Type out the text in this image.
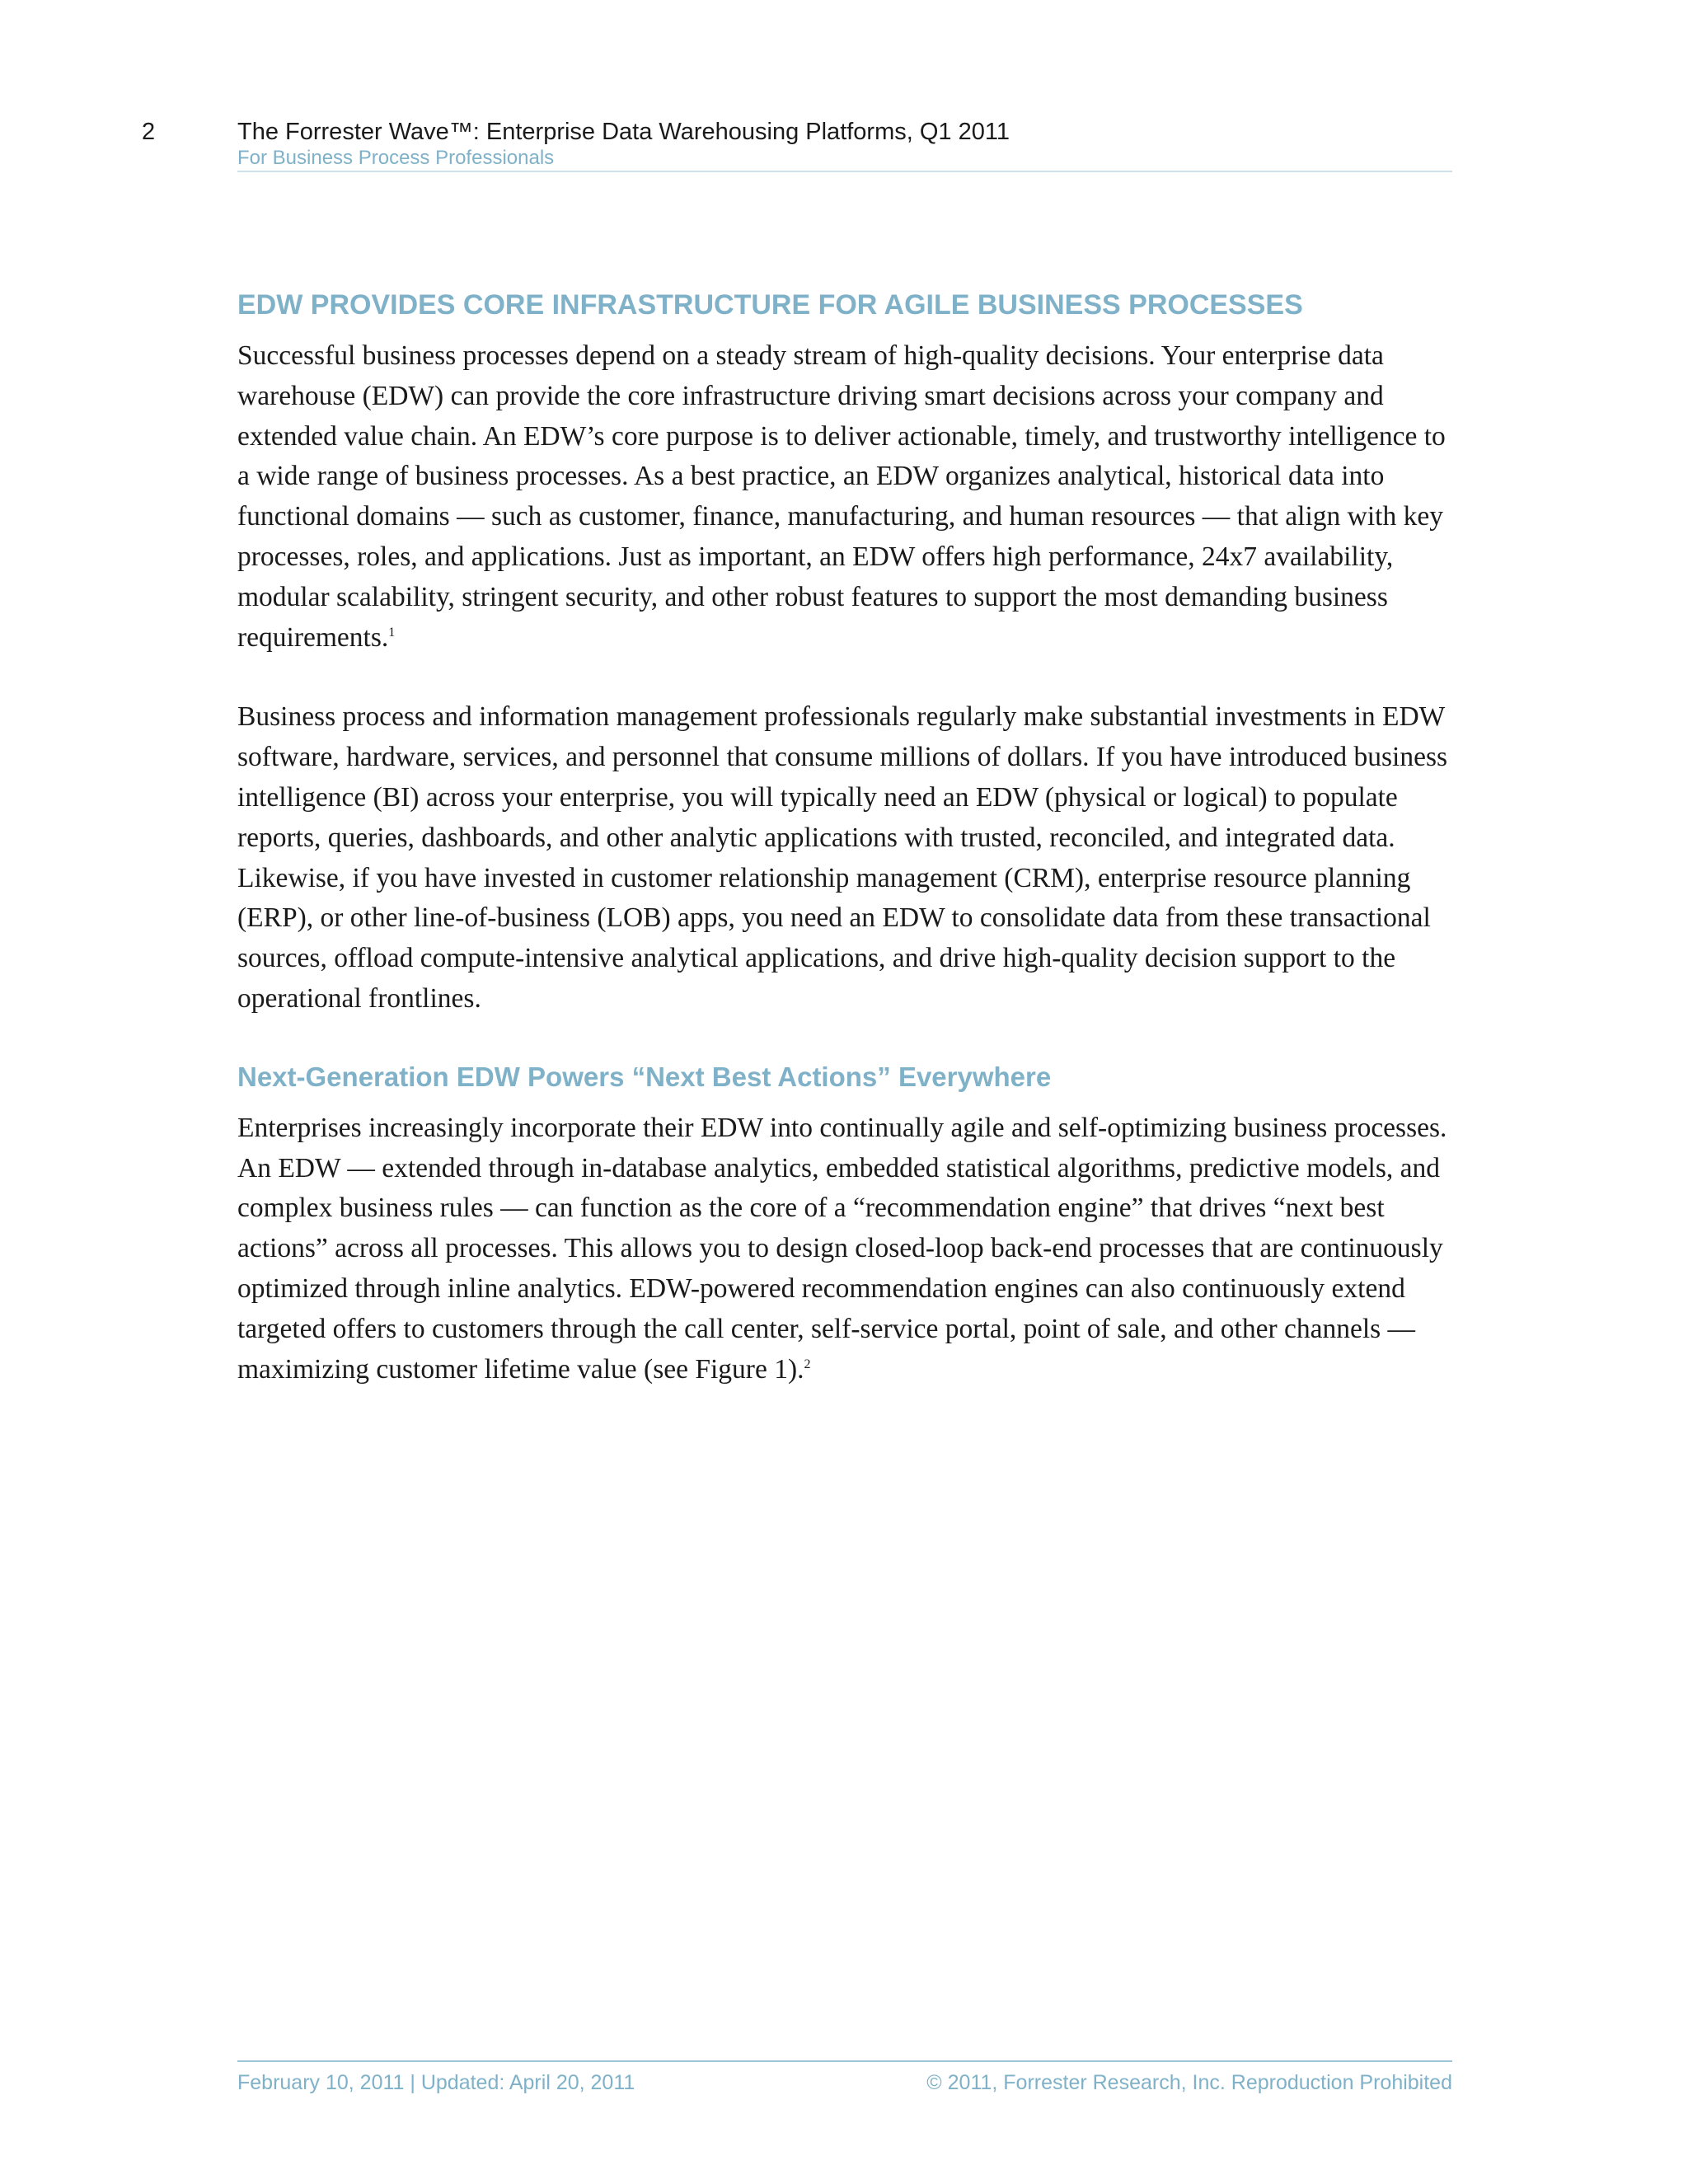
2	The Forrester Wave™: Enterprise Data Warehousing Platforms, Q1 2011
For Business Process Professionals
EDW PROVIDES CORE INFRASTRUCTURE FOR AGILE BUSINESS PROCESSES

Successful business processes depend on a steady stream of high-quality decisions. Your enterprise data warehouse (EDW) can provide the core infrastructure driving smart decisions across your company and extended value chain. An EDW’s core purpose is to deliver actionable, timely, and trustworthy intelligence to a wide range of business processes. As a best practice, an EDW organizes analytical, historical data into functional domains — such as customer, finance, manufacturing, and human resources — that align with key processes, roles, and applications. Just as important, an EDW offers high performance, 24x7 availability, modular scalability, stringent security, and other robust features to support the most demanding business requirements.$^1$

Business process and information management professionals regularly make substantial investments in EDW software, hardware, services, and personnel that consume millions of dollars. If you have introduced business intelligence (BI) across your enterprise, you will typically need an EDW (physical or logical) to populate reports, queries, dashboards, and other analytic applications with trusted, reconciled, and integrated data. Likewise, if you have invested in customer relationship management (CRM), enterprise resource planning (ERP), or other line-of-business (LOB) apps, you need an EDW to consolidate data from these transactional sources, offload compute-intensive analytical applications, and drive high-quality decision support to the operational frontlines.

Next-Generation EDW Powers “Next Best Actions” Everywhere

Enterprises increasingly incorporate their EDW into continually agile and self-optimizing business processes. An EDW — extended through in-database analytics, embedded statistical algorithms, predictive models, and complex business rules — can function as the core of a “recommendation engine” that drives “next best actions” across all processes. This allows you to design closed-loop back-end processes that are continuously optimized through inline analytics. EDW-powered recommendation engines can also continuously extend targeted offers to customers through the call center, self-service portal, point of sale, and other channels — maximizing customer lifetime value (see Figure 1).$^2$

February 10, 2011 | Updated: April 20, 2011	© 2011, Forrester Research, Inc. Reproduction Prohibited
